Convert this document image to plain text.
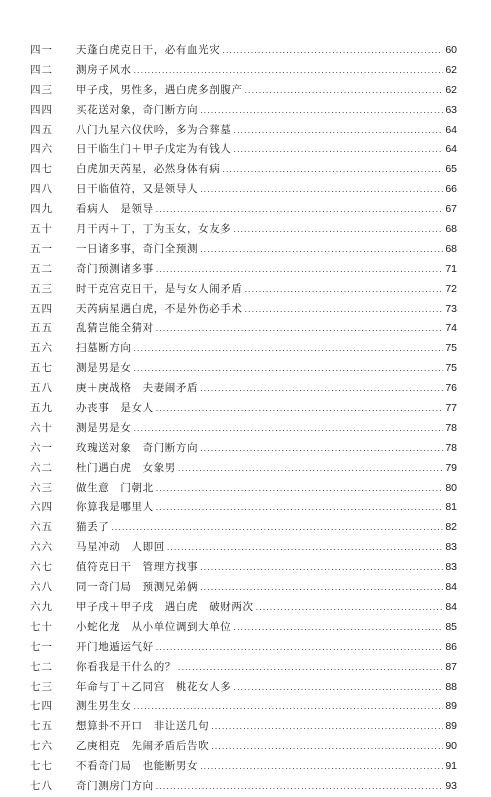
四一	天蓬白虎克日干，必有血光灾 .....	60
四二	测房子风水 .....	62
四三	甲子戌，男性多，遇白虎多剖腹产 .....	62
四四	买花送对象，奇门断方向 .....	63
四五	八门九星六仪伏吟，多为合葬墓 .....	64
四六	日干临生门＋甲子戊定为有钱人 .....	64
四七	白虎加天芮星，必然身体有病 .....	65
四八	日干临值符，又是领导人 .....	66
四九	看病人　是领导 .....	67
五十	月干丙＋丁，丁为玉女，女友多 .....	68
五一	一日诸多事，奇门全预测 .....	68
五二	奇门预测诸多事 .....	71
五三	时干克宫克日干，是与女人闹矛盾 .....	72
五四	天芮病星遇白虎，不是外伤必手术 .....	73
五五	乱猜岂能全猜对 .....	74
五六	扫墓断方向 .....	75
五七	测是男是女 .....	75
五八	庚＋庚战格　夫妻闹矛盾 .....	76
五九	办丧事　是女人 .....	77
六十	测是男是女 .....	78
六一	玫瑰送对象　奇门断方向 .....	78
六二	杜门遇白虎　女象男 .....	79
六三	做生意　门朝北 .....	80
六四	你算我是哪里人 .....	81
六五	猫丢了 .....	82
六六	马星冲动　人即回 .....	83
六七	值符克日干　管理方找事 .....	83
六八	同一奇门局　预测兄弟俩 .....	84
六九	甲子戌＋甲子戌　遇白虎　破财两次 .....	84
七十	小蛇化龙　从小单位调到大单位 .....	85
七一	开门地遁运气好 .....	86
七二	你看我是干什么的？ .....	87
七三	年命与丁＋乙同宫　桃花女人多 .....	88
七四	测生男生女 .....	89
七五	想算卦不开口　非让送几句 .....	89
七六	乙庚相克　先闹矛盾后告吹 .....	90
七七	不看奇门局　也能断男女 .....	91
七八	奇门测房门方向 .....	93
